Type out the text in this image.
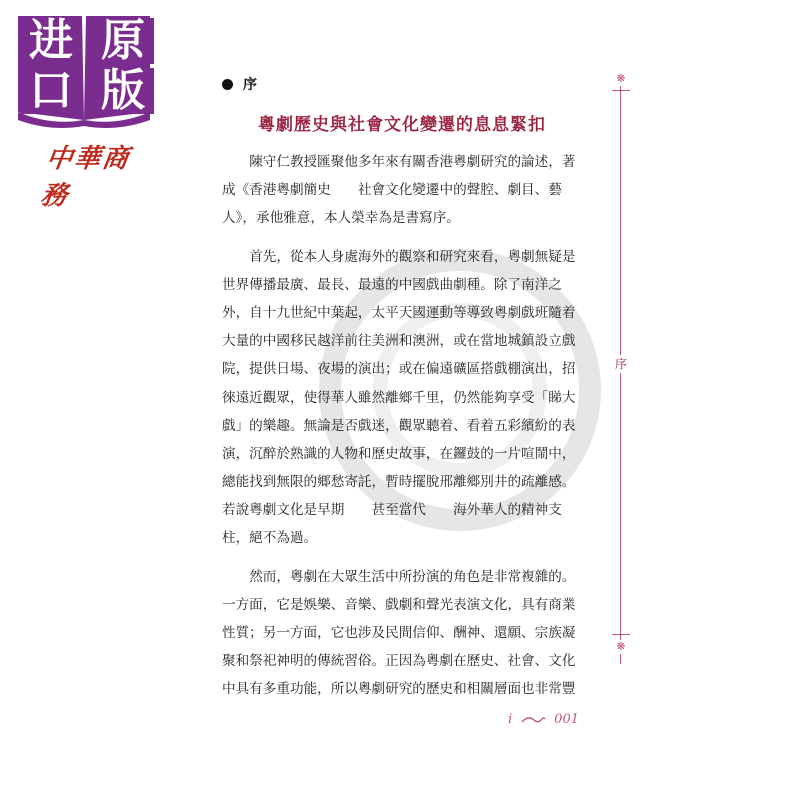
进 原
口 版
中華商務
序
粵劇歷史與社會文化變遷的息息緊扣
陳守仁教授匯聚他多年來有關香港粵劇研究的論述，著
成《香港粵劇簡史　　社會文化變遷中的聲腔、劇目、藝
人》，承他雅意，本人榮幸為是書寫序。
首先，從本人身處海外的觀察和研究來看，粵劇無疑是
世界傳播最廣、最長、最遠的中國戲曲劇種。除了南洋之
外，自十九世紀中葉起，太平天國運動等導致粵劇戲班隨着
大量的中國移民越洋前往美洲和澳洲，或在當地城鎮設立戲
院，提供日場、夜場的演出；或在偏遠礦區搭戲棚演出，招
徠遠近觀眾，使得華人雖然離鄉千里，仍然能夠享受「睇大
戲」的樂趣。無論是否戲迷，觀眾聽着、看着五彩繽紛的表
演，沉醉於熟識的人物和歷史故事，在鑼鼓的一片喧鬧中，
總能找到無限的鄉愁寄託，暫時擺脫邢離鄉別井的疏離感。
若說粵劇文化是早期　　甚至當代　　海外華人的精神支
柱，絕不為過。
然而，粵劇在大眾生活中所扮演的角色是非常複雜的。
一方面，它是娛樂、音樂、戲劇和聲光表演文化，具有商業
性質；另一方面，它也涉及民間信仰、酬神、還願、宗族凝
聚和祭祀神明的傳統習俗。正因為粵劇在歷史、社會、文化
中具有多重功能，所以粵劇研究的歷史和相關層面也非常豐
❋
❋
序
i	001
